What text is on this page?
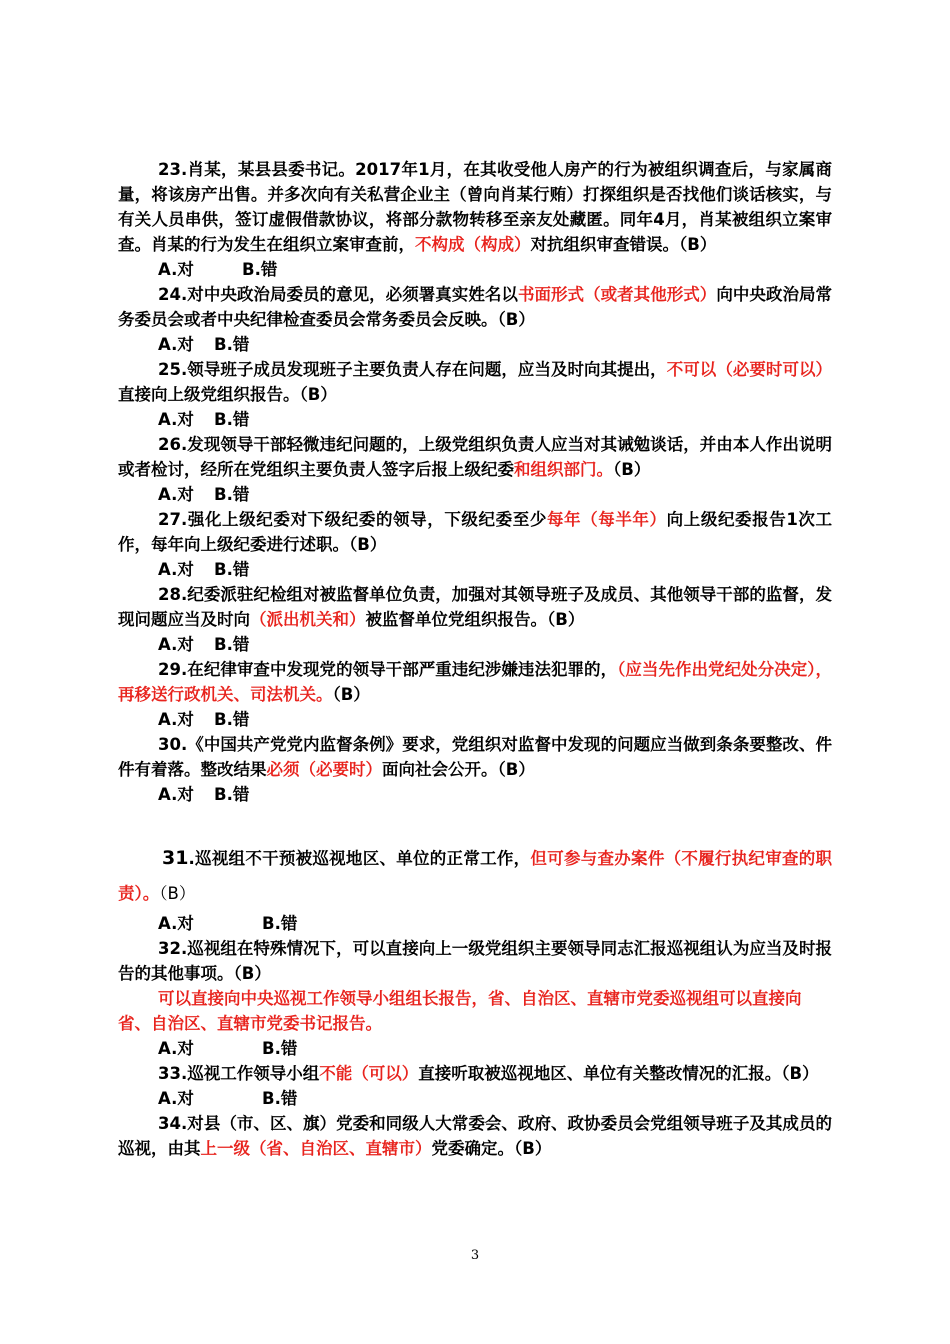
23.肖某，某县县委书记。2017年1月，在其收受他人房产的行为被组织调查后，与家属商量，将该房产出售。并多次向有关私营企业主（曾向肖某行贿）打探组织是否找他们谈话核实，与有关人员串供，签订虚假借款协议，将部分款物转移至亲友处藏匿。同年4月，肖某被组织立案审查。肖某的行为发生在组织立案审查前，不构成（构成）对抗组织审查错误。（B）

A.对	B.错

24.对中央政治局委员的意见，必须署真实姓名以书面形式（或者其他形式）向中央政治局常务委员会或者中央纪律检查委员会常务委员会反映。（B）

A.对 B.错

25.领导班子成员发现班子主要负责人存在问题，应当及时向其提出，不可以（必要时可以）直接向上级党组织报告。（B）

A.对 B.错

26.发现领导干部轻微违纪问题的，上级党组织负责人应当对其诫勉谈话，并由本人作出说明或者检讨，经所在党组织主要负责人签字后报上级纪委和组织部门。（B）

A.对 B.错

27.强化上级纪委对下级纪委的领导，下级纪委至少每年（每半年）向上级纪委报告1次工作，每年向上级纪委进行述职。（B）

A.对 B.错

28.纪委派驻纪检组对被监督单位负责，加强对其领导班子及成员、其他领导干部的监督，发现问题应当及时向（派出机关和）被监督单位党组织报告。（B）

A.对 B.错

29.在纪律审查中发现党的领导干部严重违纪涉嫌违法犯罪的，（应当先作出党纪处分决定），再移送行政机关、司法机关。（B）

A.对 B.错

30.《中国共产党党内监督条例》要求，党组织对监督中发现的问题应当做到条条要整改、件件有着落。整改结果必须（必要时）面向社会公开。（B）

A.对 B.错

31.巡视组不干预被巡视地区、单位的正常工作，但可参与查办案件（不履行执纪审查的职责）。（B）

A.对	B.错

32.巡视组在特殊情况下，可以直接向上一级党组织主要领导同志汇报巡视组认为应当及时报告的其他事项。（B）

可以直接向中央巡视工作领导小组组长报告，省、自治区、直辖市党委巡视组可以直接向省、自治区、直辖市党委书记报告。

A.对	B.错

33.巡视工作领导小组不能（可以）直接听取被巡视地区、单位有关整改情况的汇报。（B）

A.对	B.错

34.对县（市、区、旗）党委和同级人大常委会、政府、政协委员会党组领导班子及其成员的巡视，由其上一级（省、自治区、直辖市）党委确定。（B）

3
